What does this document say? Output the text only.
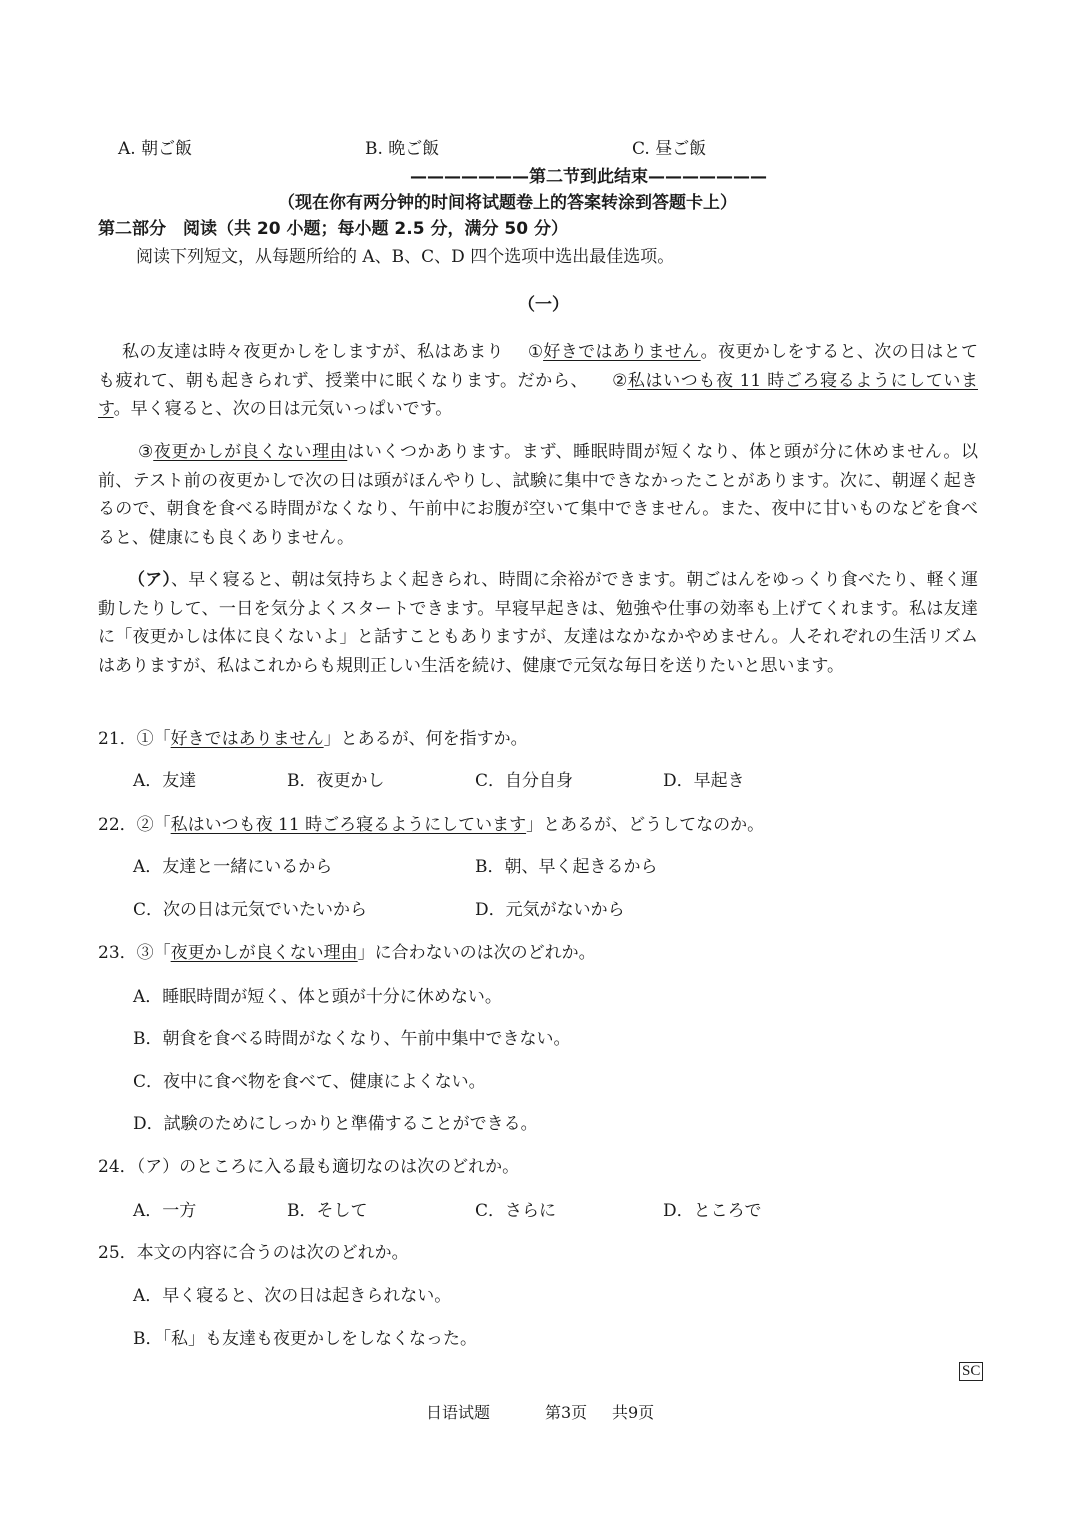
A. 朝ご飯	B. 晩ご飯	C. 昼ご飯
———————第二节到此结束———————
（现在你有两分钟的时间将试题卷上的答案转涂到答题卡上）
第二部分　阅读（共 20 小题；每小题 2.5 分，满分 50 分）
阅读下列短文，从每题所给的 A、B、C、D 四个选项中选出最佳选项。
（一）
私の友達は時々夜更かしをしますが、私はあまり ①好きではありません。夜更かしをすると、次の日はとても疲れて、朝も起きられず、授業中に眠くなります。だから、 ②私はいつも夜 11 時ごろ寝るようにしています。早く寝ると、次の日は元気いっぱいです。
③夜更かしが良くない理由はいくつかあります。まず、睡眠時間が短くなり、体と頭が分に休めません。以前、テスト前の夜更かしで次の日は頭がほんやりし、試験に集中できなかったことがあります。次に、朝遅く起きるので、朝食を食べる時間がなくなり、午前中にお腹が空いて集中できません。また、夜中に甘いものなどを食べると、健康にも良くありません。
（ア）、早く寝ると、朝は気持ちよく起きられ、時間に余裕ができます。朝ごはんをゆっくり食べたり、軽く運動したりして、一日を気分よくスタートできます。早寝早起きは、勉強や仕事の効率も上げてくれます。私は友達に「夜更かしは体に良くないよ」と話すこともありますが、友達はなかなかやめません。人それぞれの生活リズムはありますが、私はこれからも規則正しい生活を続け、健康で元気な毎日を送りたいと思います。
21．①「好きではありません」とあるが、何を指すか。
A．友達	B．夜更かし	C．自分自身	D．早起き
22．②「私はいつも夜 11 時ごろ寝るようにしています」とあるが、どうしてなのか。
A．友達と一緒にいるから	B．朝、早く起きるから
C．次の日は元気でいたいから	D．元気がないから
23．③「夜更かしが良くない理由」に合わないのは次のどれか。
A．睡眠時間が短く、体と頭が十分に休めない。
B．朝食を食べる時間がなくなり、午前中集中できない。
C．夜中に食べ物を食べて、健康によくない。
D．試験のためにしっかりと準備することができる。
24．（ア）のところに入る最も適切なのは次のどれか。
A．一方	B．そして	C．さらに	D．ところで
25．本文の内容に合うのは次のどれか。
A．早く寝ると、次の日は起きられない。
B．「私」も友達も夜更かしをしなくなった。
SC
日语试题	第3页 共9页
